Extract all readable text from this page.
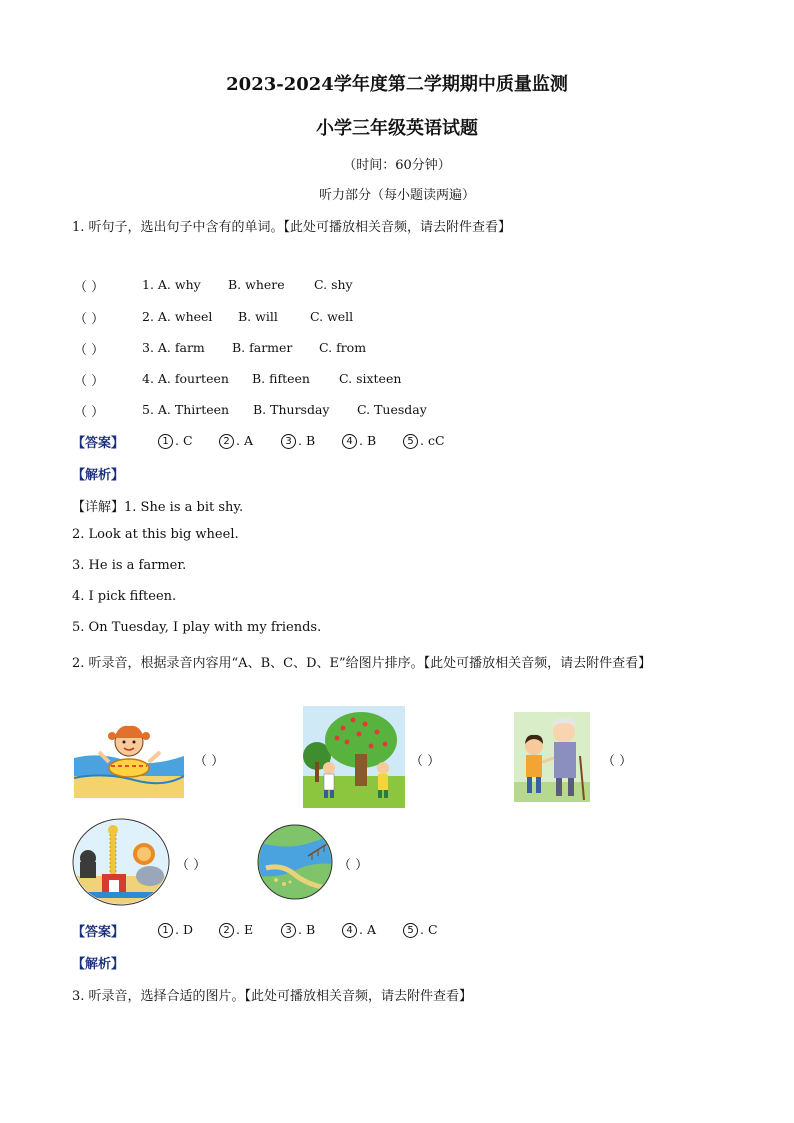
2023-2024学年度第二学期期中质量监测
小学三年级英语试题
（时间：60分钟）
听力部分（每小题读两遍）
1. 听句子，选出句子中含有的单词。【此处可播放相关音频，请去附件查看】
（ ）	1. A. why B. where C. shy
（ ）	2. A. wheel B. will	C. well
（ ）	3. A. farm B. farmer C. from
（ ）	4. A. fourteen B. fifteen C. sixteen
（ ）	5. A. Thirteen B. Thursday C. Tuesday
【答案】	1 . C	2 . A	3 . B	4 . B	5 . cC
【解析】
【详解】1. She is a bit shy.
2. Look at this big wheel.
3. He is a farmer.
4. I pick fifteen.
5. On Tuesday, I play with my friends.
2. 听录音，根据录音内容用“A、B、C、D、E”给图片排序。【此处可播放相关音频，请去附件查看】
（ ）	（ ）	（ ）
（ ）	（ ）
【答案】	1 . D	2 . E	3 . B	4 . A	5 . C
【解析】
3. 听录音，选择合适的图片。【此处可播放相关音频，请去附件查看】
